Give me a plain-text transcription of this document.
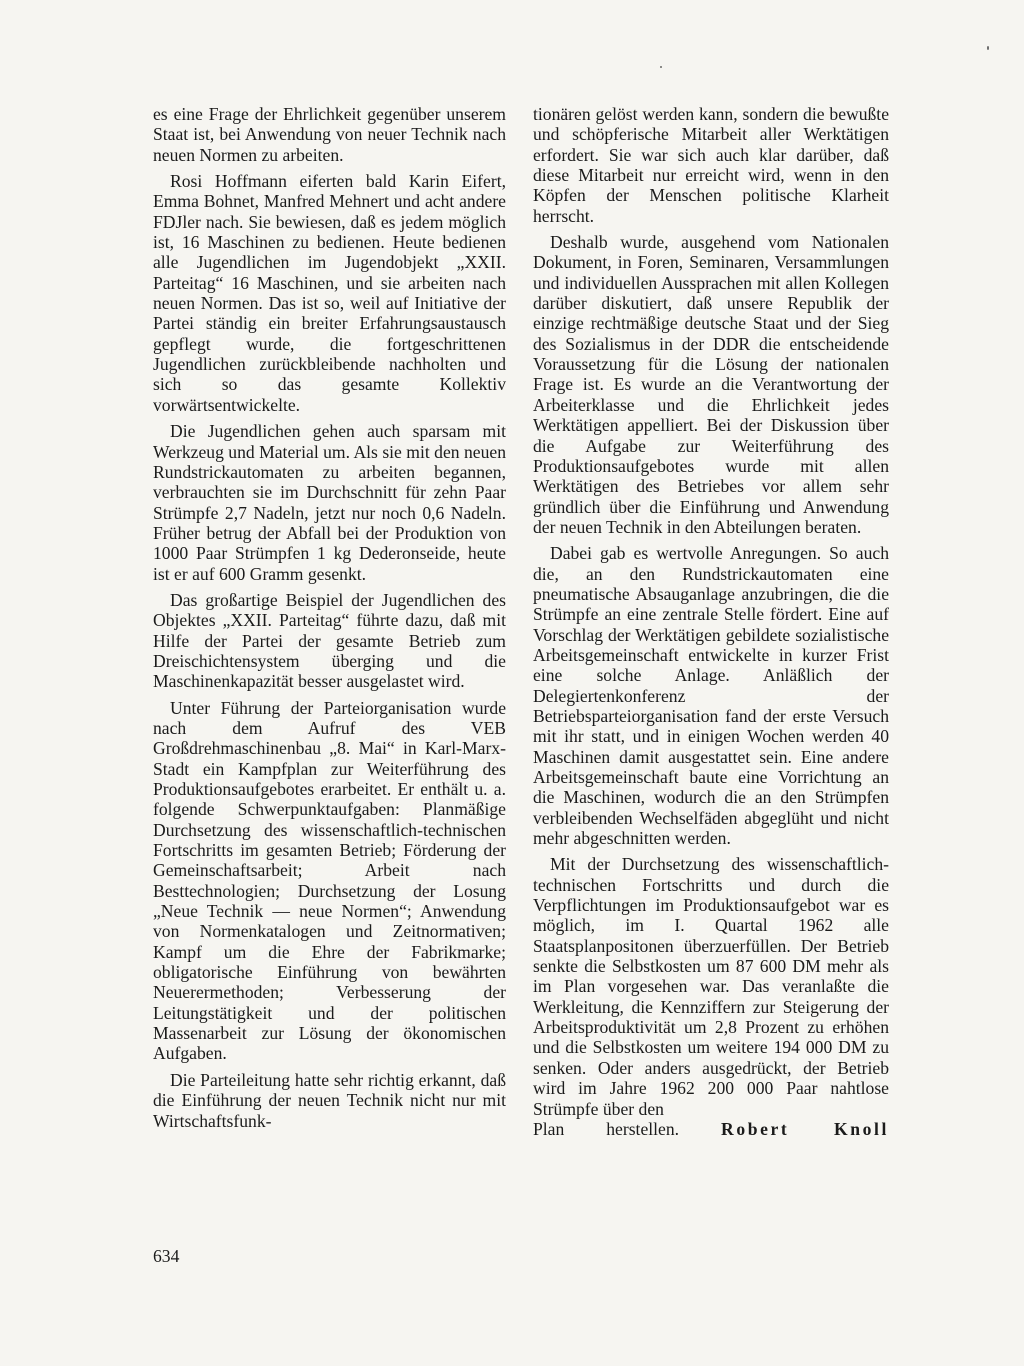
es eine Frage der Ehrlichkeit gegenüber unserem Staat ist, bei Anwendung von neuer Technik nach neuen Normen zu arbeiten.

Rosi Hoffmann eiferten bald Karin Eifert, Emma Bohnet, Manfred Mehnert und acht andere FDJler nach. Sie bewiesen, daß es jedem möglich ist, 16 Maschinen zu bedienen. Heute bedienen alle Jugendlichen im Jugendobjekt „XXII. Parteitag“ 16 Maschinen, und sie arbeiten nach neuen Normen. Das ist so, weil auf Initiative der Partei ständig ein breiter Erfahrungsaustausch gepflegt wurde, die fortgeschrittenen Jugendlichen zurückbleibende nachholten und sich so das gesamte Kollektiv vorwärtsentwickelte.

Die Jugendlichen gehen auch sparsam mit Werkzeug und Material um. Als sie mit den neuen Rundstrickautomaten zu arbeiten begannen, verbrauchten sie im Durchschnitt für zehn Paar Strümpfe 2,7 Nadeln, jetzt nur noch 0,6 Nadeln. Früher betrug der Abfall bei der Produktion von 1000 Paar Strümpfen 1 kg Dederonseide, heute ist er auf 600 Gramm gesenkt.

Das großartige Beispiel der Jugendlichen des Objektes „XXII. Parteitag“ führte dazu, daß mit Hilfe der Partei der gesamte Betrieb zum Dreischichtensystem überging und die Maschinenkapazität besser ausgelastet wird.

Unter Führung der Parteiorganisation wurde nach dem Aufruf des VEB Großdrehmaschinenbau „8. Mai“ in Karl-Marx-Stadt ein Kampfplan zur Weiterführung des Produktionsaufgebotes erarbeitet. Er enthält u. a. folgende Schwerpunktaufgaben: Planmäßige Durchsetzung des wissenschaftlich-technischen Fortschritts im gesamten Betrieb; Förderung der Gemeinschaftsarbeit; Arbeit nach Besttechnologien; Durchsetzung der Losung „Neue Technik — neue Normen“; Anwendung von Normenkatalogen und Zeitnormativen; Kampf um die Ehre der Fabrikmarke; obligatorische Einführung von bewährten Neuerermethoden; Verbesserung der Leitungstätigkeit und der politischen Massenarbeit zur Lösung der ökonomischen Aufgaben.

Die Parteileitung hatte sehr richtig erkannt, daß die Einführung der neuen Technik nicht nur mit Wirtschaftsfunk-

tionären gelöst werden kann, sondern die bewußte und schöpferische Mitarbeit aller Werktätigen erfordert. Sie war sich auch klar darüber, daß diese Mitarbeit nur erreicht wird, wenn in den Köpfen der Menschen politische Klarheit herrscht.

Deshalb wurde, ausgehend vom Nationalen Dokument, in Foren, Seminaren, Versammlungen und individuellen Aussprachen mit allen Kollegen darüber diskutiert, daß unsere Republik der einzige rechtmäßige deutsche Staat und der Sieg des Sozialismus in der DDR die entscheidende Voraussetzung für die Lösung der nationalen Frage ist. Es wurde an die Verantwortung der Arbeiterklasse und die Ehrlichkeit jedes Werktätigen appelliert. Bei der Diskussion über die Aufgabe zur Weiterführung des Produktionsaufgebotes wurde mit allen Werktätigen des Betriebes vor allem sehr gründlich über die Einführung und Anwendung der neuen Technik in den Abteilungen beraten.

Dabei gab es wertvolle Anregungen. So auch die, an den Rundstrickautomaten eine pneumatische Absauganlage anzubringen, die die Strümpfe an eine zentrale Stelle fördert. Eine auf Vorschlag der Werktätigen gebildete sozialistische Arbeitsgemeinschaft entwickelte in kurzer Frist eine solche Anlage. Anläßlich der Delegiertenkonferenz der Betriebsparteiorganisation fand der erste Versuch mit ihr statt, und in einigen Wochen werden 40 Maschinen damit ausgestattet sein. Eine andere Arbeitsgemeinschaft baute eine Vorrichtung an die Maschinen, wodurch die an den Strümpfen verbleibenden Wechselfäden abgeglüht und nicht mehr abgeschnitten werden.

Mit der Durchsetzung des wissenschaftlich-technischen Fortschritts und durch die Verpflichtungen im Produktionsaufgebot war es möglich, im I. Quartal 1962 alle Staatsplanpositonen überzuerfüllen. Der Betrieb senkte die Selbstkosten um 87 600 DM mehr als im Plan vorgesehen war. Das veranlaßte die Werkleitung, die Kennziffern zur Steigerung der Arbeitsproduktivität um 2,8 Prozent zu erhöhen und die Selbstkosten um weitere 194 000 DM zu senken. Oder anders ausgedrückt, der Betrieb wird im Jahre 1962 200 000 Paar nahtlose Strümpfe über den

Plan herstellen. Robert Knoll
634
